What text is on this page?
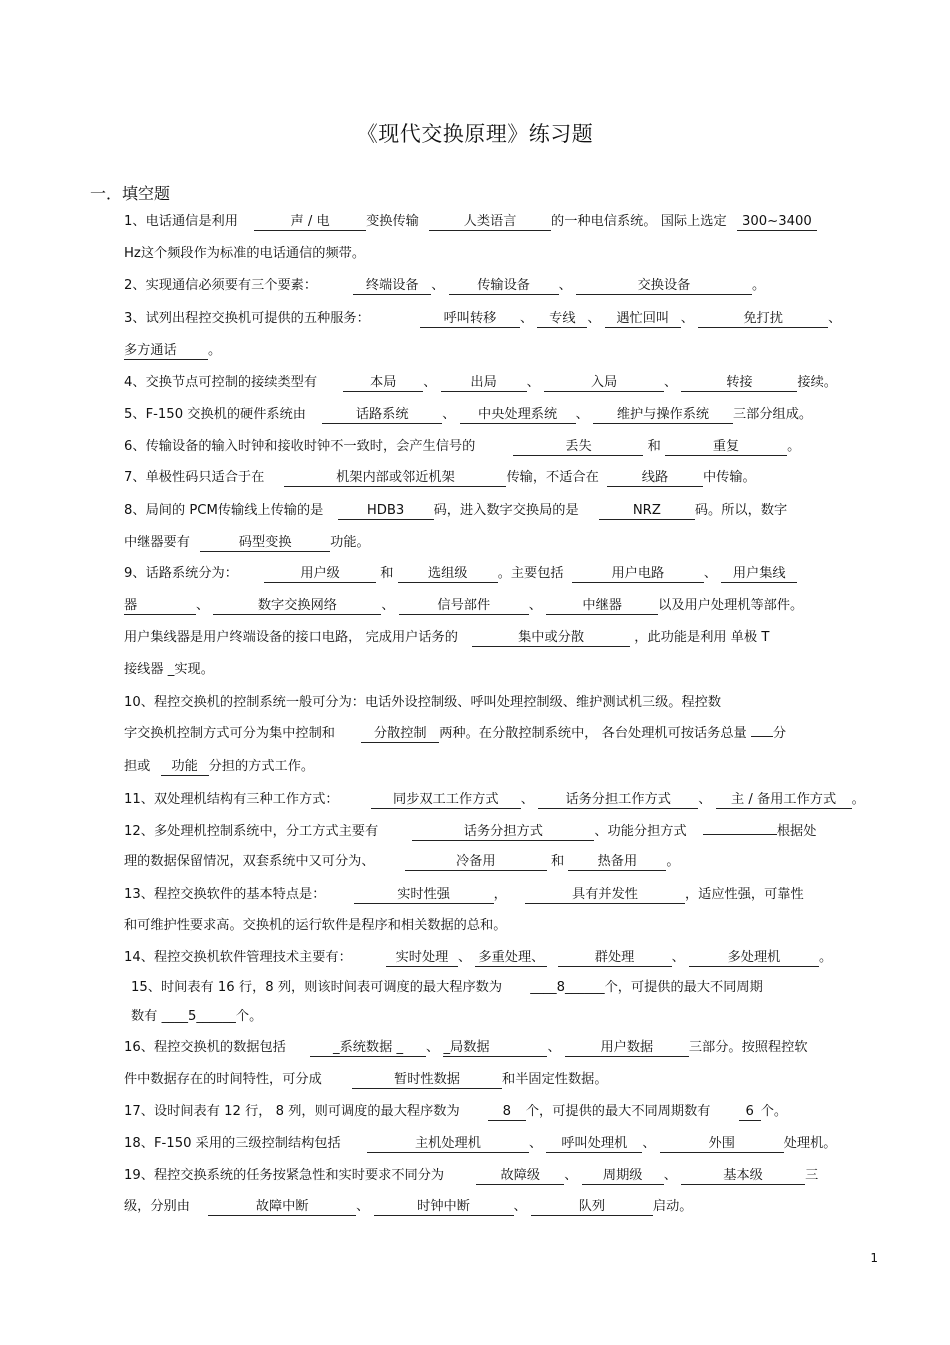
《现代交换原理》练习题
一．填空题
1、电话通信是利用	声 / 电	变换传输	人类语言	的一种电信系统。 国际上选定 300~3400
Hz这个频段作为标准的电话通信的频带。
2、实现通信必须要有三个要素：	终端设备 、 传输设备 、	交换设备	。
3、试列出程控交换机可提供的五种服务：	呼叫转移 、 专线 、 遇忙回叫 、	免打扰	、
多方通话 。
4、交换节点可控制的接续类型有	本局 、	出局 、	入局	、	转接	接续。
5、F-150 交换机的硬件系统由	话路系统	、 中央处理系统 、 维护与操作系统 三部分组成。
6、传输设备的输入时钟和接收时钟不一致时，会产生信号的	丢失	和	重复	。
7、单极性码只适合于在	机架内部或邻近机架	传输，不适合在	线路	中传输。
8、局间的 PCM传输线上传输的是	HDB3 码，进入数字交换局的是	NRZ	码。所以，数字
中继器要有	码型变换	功能。
9、话路系统分为：	用户级	和	选组级 。主要包括	用户电路	、 用户集线
器	、	数字交换网络	、	信号部件	、	中继器	以及用户处理机等部件。
用户集线器是用户终端设备的接口电路， 完成用户话务的	集中或分散	，此功能是利用 单极 T
接线器 _实现。
10、程控交换机的控制系统一般可分为：电话外设控制级、呼叫处理控制级、维护测试机三级。程控数
字交换机控制方式可分为集中控制和	分散控制 两种。在分散控制系统中， 各台处理机可按话务总量 分
担或 功能 分担的方式工作。
11、双处理机结构有三种工作方式：	同步双工工作方式 、 话务分担工作方式 、 主 / 备用工作方式 。
12、多处理机控制系统中，分工方式主要有	话务分担方式	、功能分担方式	根据处
理的数据保留情况，双套系统中又可分为、	冷备用	和	热备用 。
13、程控交换软件的基本特点是：	实时性强	，	具有并发性	，适应性强，可靠性
和可维护性要求高。交换机的运行软件是程序和相关数据的总和。
14、程控交换机软件管理技术主要有：	实时处理 、 多重处理、	群处理	、	多处理机	。
15、时间表有 16 行，8 列，则该时间表可调度的最大程序数为 ____8______个，可提供的最大不同周期
数有 ____5______个。
16、程控交换机的数据包括	_系统数据 _ 、 _局数据	、	用户数据	三部分。按照程控软
件中数据存在的时间特性，可分成	暂时性数据	和半固定性数据。
17、设时间表有 12 行， 8 列，则可调度的最大程序数为	8 个，可提供的最大不同周期数有	6 个。
18、F-150 采用的三级控制结构包括	主机处理机	、 呼叫处理机 、	外围	处理机。
19、程控交换系统的任务按紧急性和实时要求不同分为	故障级 、 周期级 、	基本级	三
级，分别由	故障中断	、	时钟中断	、	队列	启动。
1
